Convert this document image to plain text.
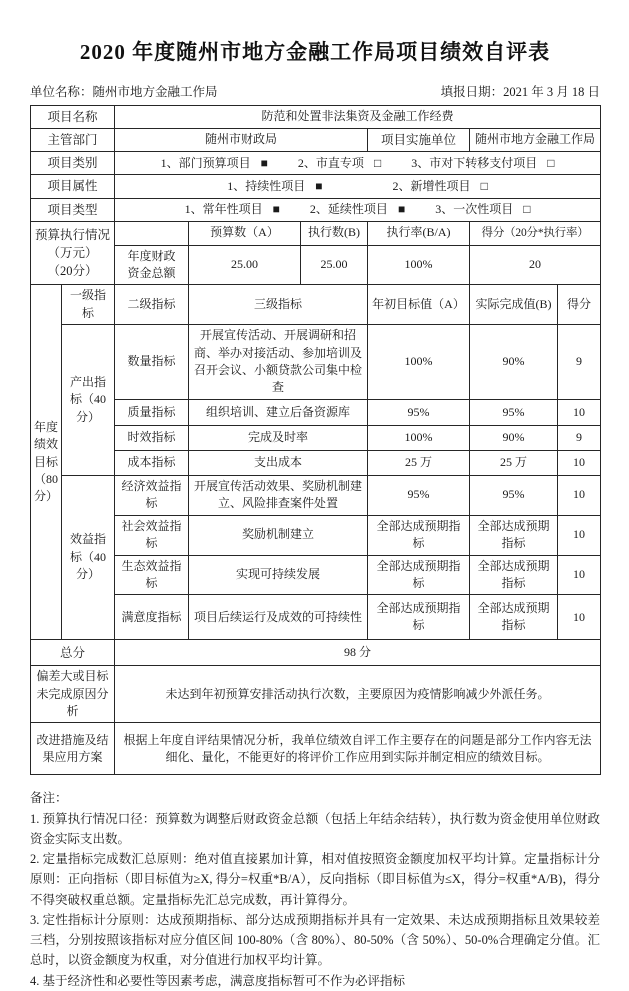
2020 年度随州市地方金融工作局项目绩效自评表
单位名称：随州市地方金融工作局	填报日期：2021 年 3 月 18 日
项目名称		防范和处置非法集资及金融工作经费					
主管部门		随州市财政局			项目实施单位	随州市地方金融工作局	
项目类别		1、部门预算项目 ■ 2、市直专项 □ 3、市对下转移支付项目 □					

项目属性		1、持续性项目 ■ 2、新增性项目 □					

项目类型		1、常年性项目 ■ 2、延续性项目 ■ 3、一次性项目 □					

预算执行情况
（万元）
（20分）			预算数（A）	执行数(B)	执行率(B/A)	得分（20分*执行率）	
		年度财政资金总额	25.00	25.00	100%	20	
年度绩效目标（80分）	一级指标	二级指标	三级指标		年初目标值（A）	实际完成值(B)	得分
	产出指标（40分）	数量指标	开展宣传活动、开展调研和招商、举办对接活动、参加培训及召开会议、小额贷款公司集中检查		100%	90%	9
		质量指标	组织培训、建立后备资源库		95%	95%	10
		时效指标	完成及时率		100%	90%	9
		成本指标	支出成本		25 万	25 万	10
	效益指标（40分）	经济效益指标	开展宣传活动效果、奖励机制建立、风险排查案件处置		95%	95%	10
		社会效益指标	奖励机制建立		全部达成预期指标	全部达成预期指标	10
		生态效益指标	实现可持续发展		全部达成预期指标	全部达成预期指标	10
		满意度指标	项目后续运行及成效的可持续性		全部达成预期指标	全部达成预期指标	10
总分		98 分					
偏差大或目标未完成原因分析		未达到年初预算安排活动执行次数，主要原因为疫情影响减少外派任务。					
改进措施及结果应用方案		根据上年度自评结果情况分析，我单位绩效自评工作主要存在的问题是部分工作内容无法细化、量化，不能更好的将评价工作应用到实际并制定相应的绩效目标。					
备注：
1. 预算执行情况口径：预算数为调整后财政资金总额（包括上年结余结转），执行数为资金使用单位财政资金实际支出数。
2. 定量指标完成数汇总原则：绝对值直接累加计算，相对值按照资金额度加权平均计算。定量指标计分原则：正向指标（即目标值为≥X, 得分=权重*B/A），反向指标（即目标值为≤X，得分=权重*A/B)，得分不得突破权重总额。定量指标先汇总完成数，再计算得分。
3. 定性指标计分原则：达成预期指标、部分达成预期指标并具有一定效果、未达成预期指标且效果较差三档，分别按照该指标对应分值区间 100-80%（含 80%）、80-50%（含 50%）、50-0%合理确定分值。汇总时，以资金额度为权重，对分值进行加权平均计算。
4. 基于经济性和必要性等因素考虑，满意度指标暂可不作为必评指标
